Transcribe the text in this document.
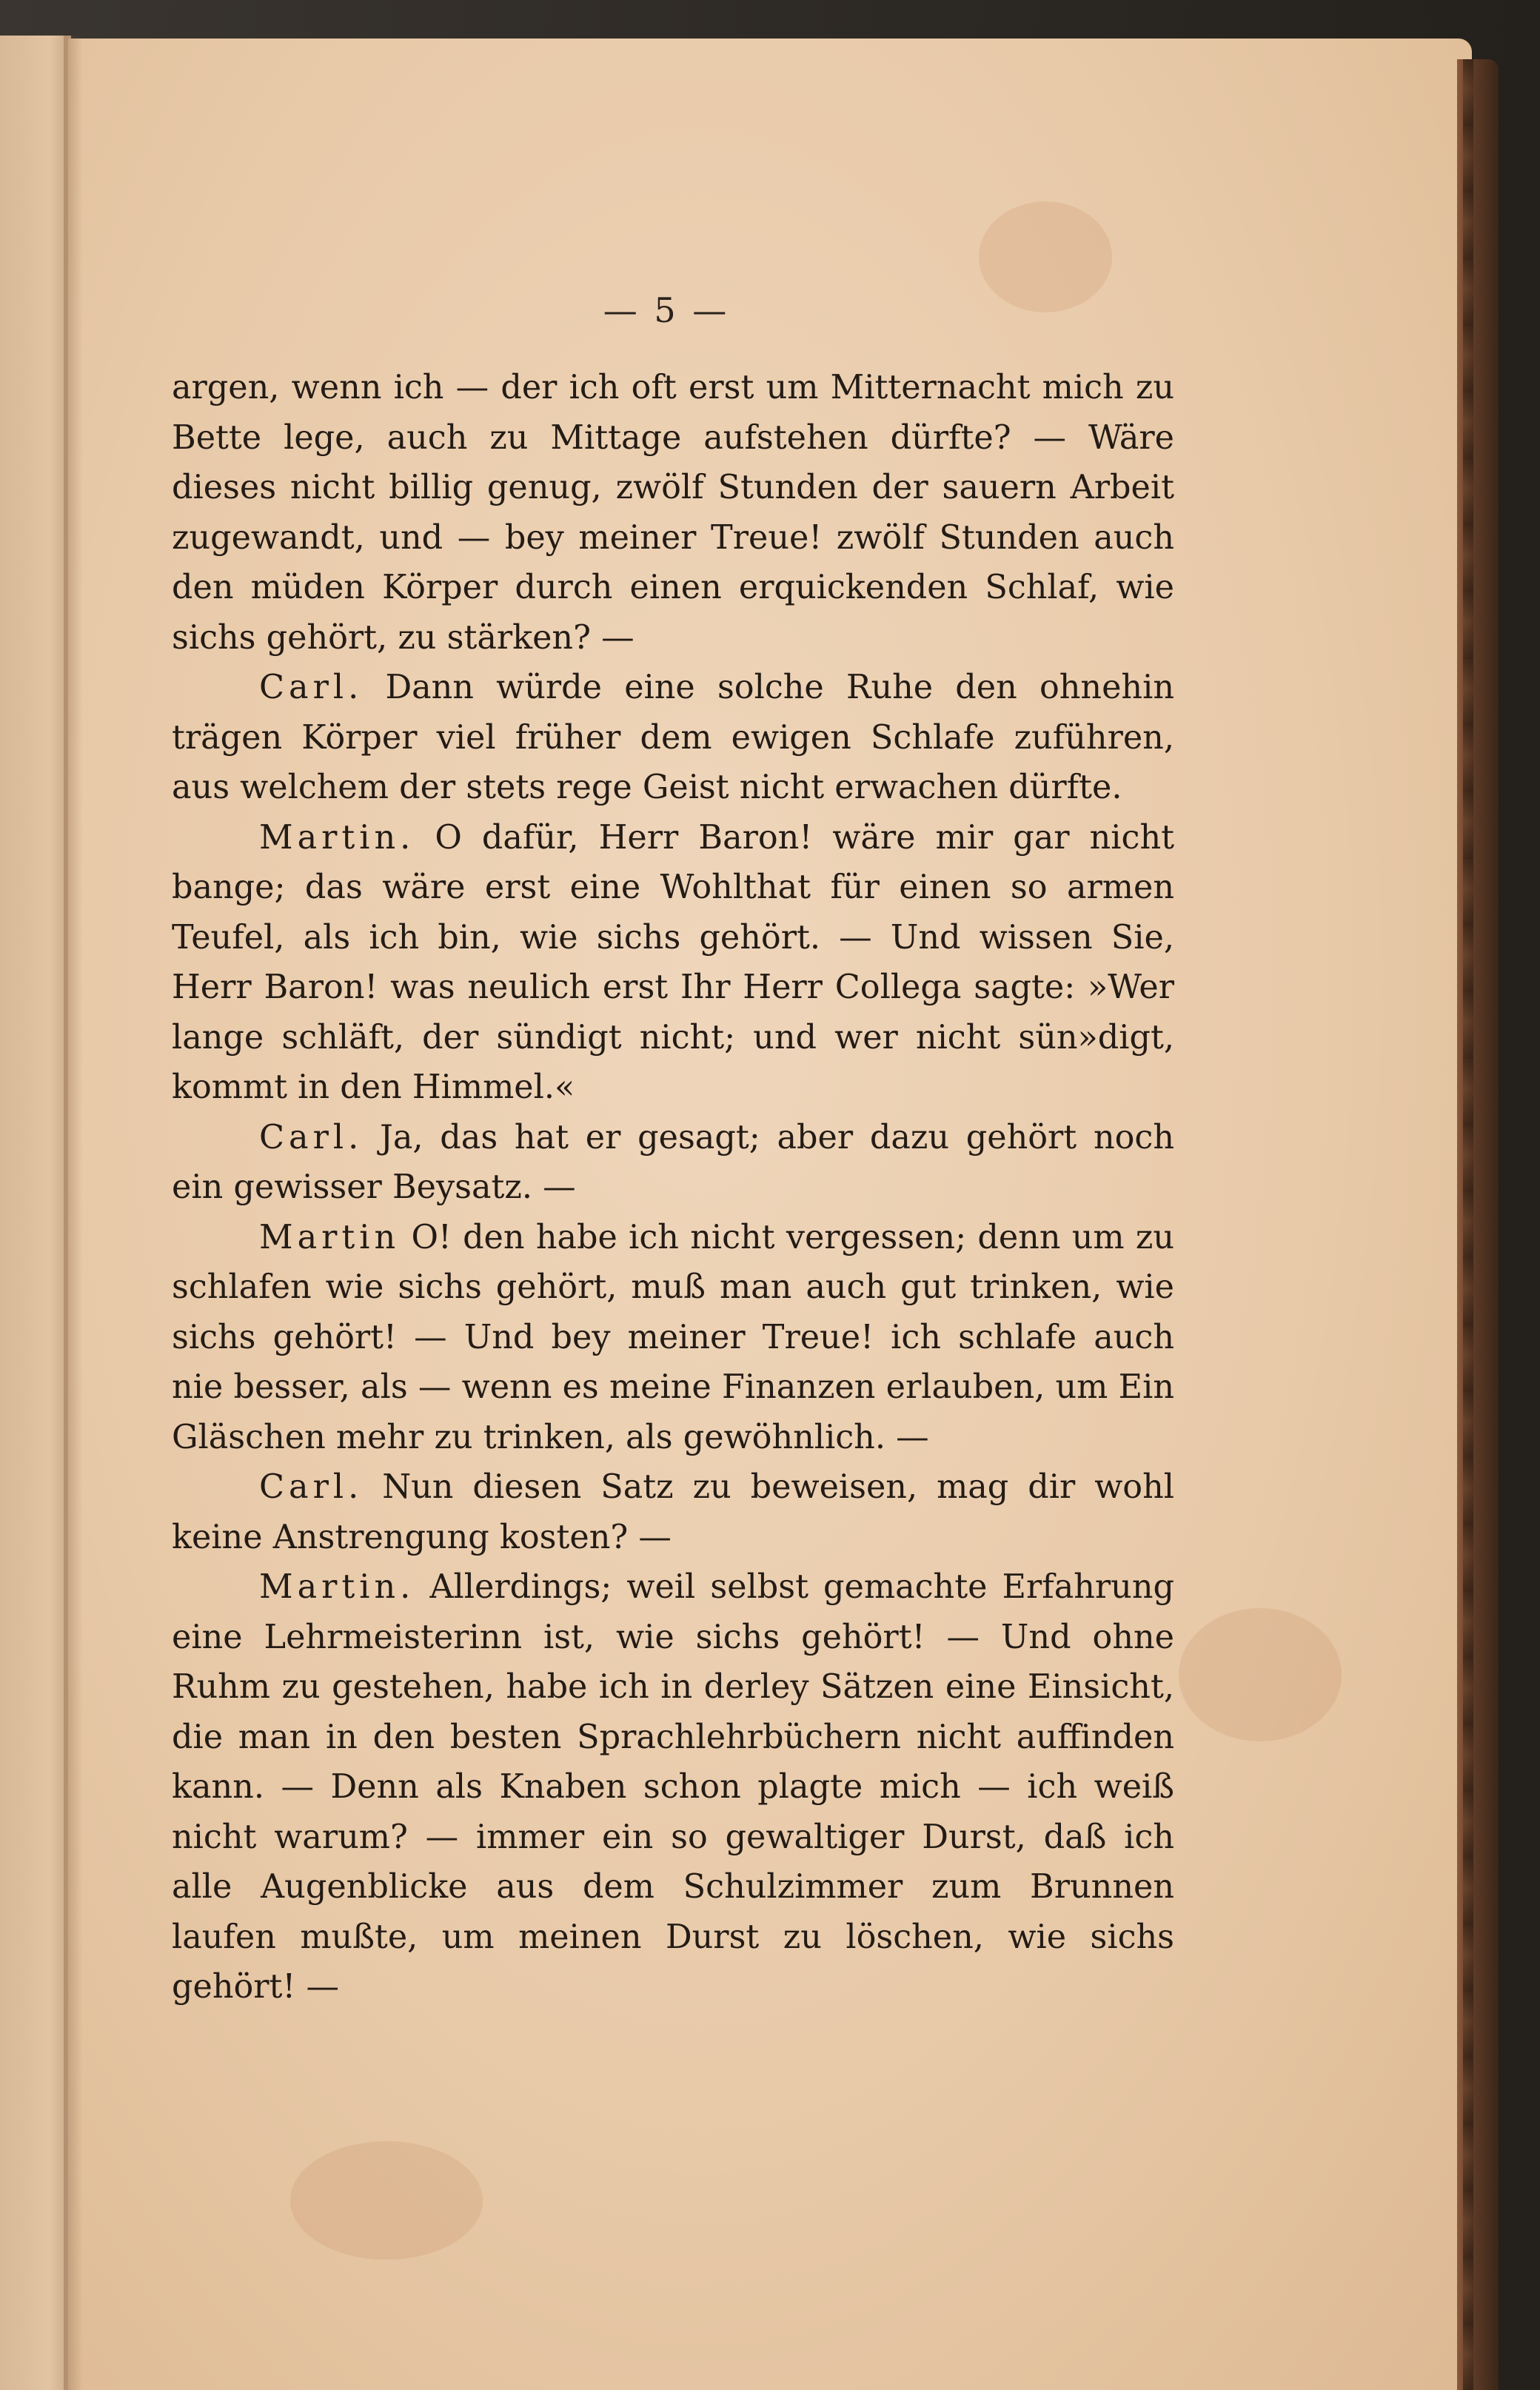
— 5 —

argen, wenn ich — der ich oft erst um Mitternacht mich zu Bette lege, auch zu Mittage aufstehen dürfte? — Wäre dieses nicht billig genug, zwölf Stunden der sauern Arbeit zugewandt, und — bey meiner Treue! zwölf Stunden auch den müden Körper durch einen erquickenden Schlaf, wie sichs gehört, zu stärken? —

Carl. Dann würde eine solche Ruhe den ohnehin trägen Körper viel früher dem ewigen Schlafe zuführen, aus welchem der stets rege Geist nicht erwachen dürfte.

Martin. O dafür, Herr Baron! wäre mir gar nicht bange; das wäre erst eine Wohlthat für einen so armen Teufel, als ich bin, wie sichs gehört. — Und wissen Sie, Herr Baron! was neulich erst Ihr Herr Collega sagte: »Wer lange schläft, der sündigt nicht; und wer nicht sün»digt, kommt in den Himmel.«

Carl. Ja, das hat er gesagt; aber dazu gehört noch ein gewisser Beysatz. —

Martin O! den habe ich nicht vergessen; denn um zu schlafen wie sichs gehört, muß man auch gut trinken, wie sichs gehört! — Und bey meiner Treue! ich schlafe auch nie besser, als — wenn es meine Finanzen erlauben, um Ein Gläschen mehr zu trinken, als gewöhnlich. —

Carl. Nun diesen Satz zu beweisen, mag dir wohl keine Anstrengung kosten? —

Martin. Allerdings; weil selbst gemachte Erfahrung eine Lehrmeisterinn ist, wie sichs gehört! — Und ohne Ruhm zu gestehen, habe ich in derley Sätzen eine Einsicht, die man in den besten Sprachlehrbüchern nicht auffinden kann. — Denn als Knaben schon plagte mich — ich weiß nicht warum? — immer ein so gewaltiger Durst, daß ich alle Augenblicke aus dem Schulzimmer zum Brunnen laufen mußte, um meinen Durst zu löschen, wie sichs gehört! —
